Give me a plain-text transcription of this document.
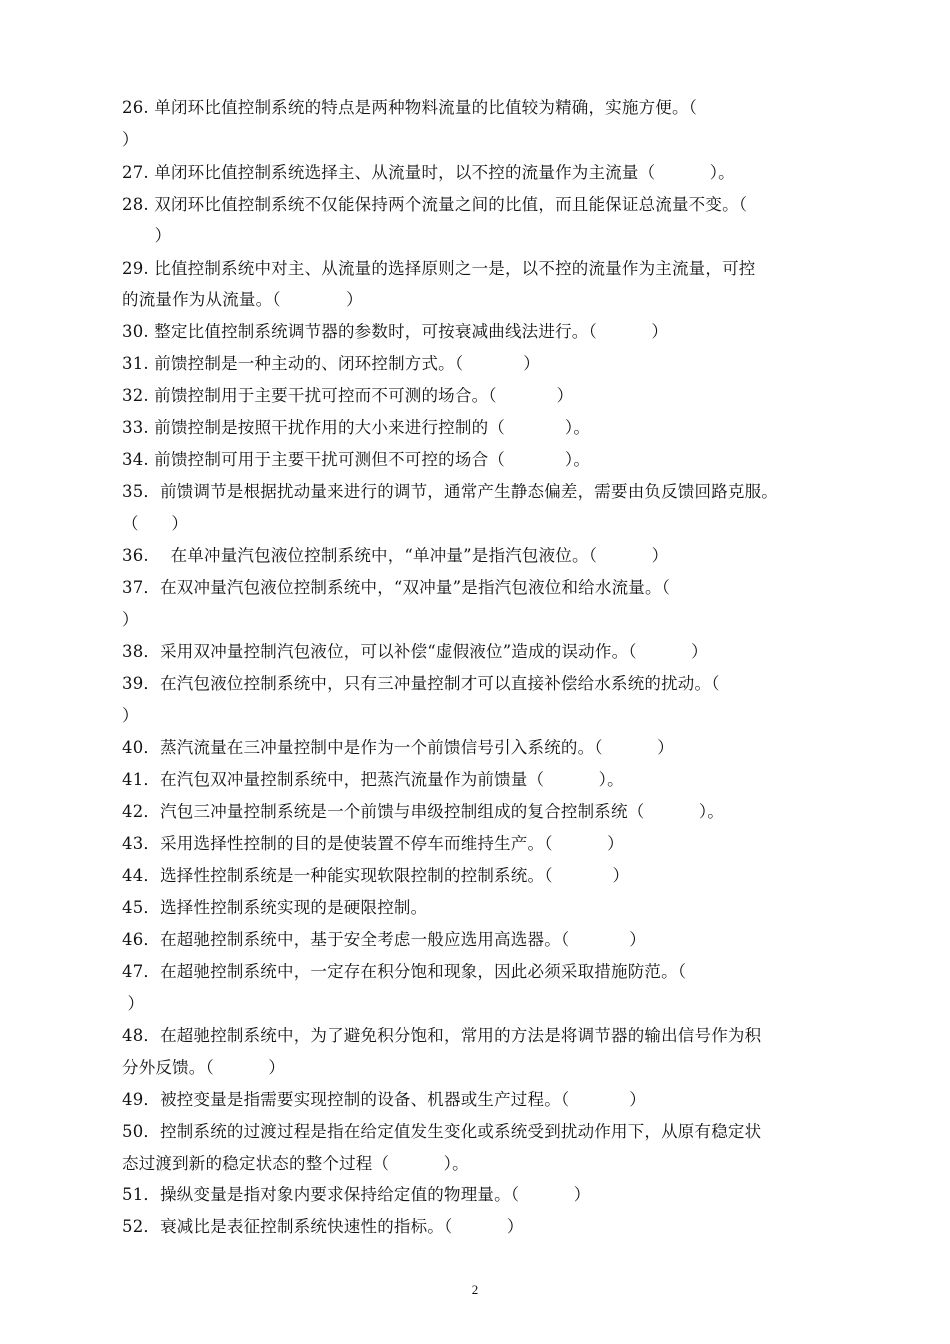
26. 单闭环比值控制系统的特点是两种物料流量的比值较为精确，实施方便。（
）
27. 单闭环比值控制系统选择主、从流量时，以不控的流量作为主流量（          ）。
28. 双闭环比值控制系统不仅能保持两个流量之间的比值，而且能保证总流量不变。（
）
29. 比值控制系统中对主、从流量的选择原则之一是，以不控的流量作为主流量，可控
的流量作为从流量。（            ）
30. 整定比值控制系统调节器的参数时，可按衰减曲线法进行。（          ）
31. 前馈控制是一种主动的、闭环控制方式。（           ）
32. 前馈控制用于主要干扰可控而不可测的场合。（           ）
33. 前馈控制是按照干扰作用的大小来进行控制的（           ）。
34. 前馈控制可用于主要干扰可测但不可控的场合（           ）。
35．前馈调节是根据扰动量来进行的调节，通常产生静态偏差，需要由负反馈回路克服。
（      ）
36.    在单冲量汽包液位控制系统中，“单冲量”是指汽包液位。（          ）
37．在双冲量汽包液位控制系统中，“双冲量”是指汽包液位和给水流量。（
）
38．采用双冲量控制汽包液位，可以补偿“虚假液位”造成的误动作。（          ）
39．在汽包液位控制系统中，只有三冲量控制才可以直接补偿给水系统的扰动。（
）
40．蒸汽流量在三冲量控制中是作为一个前馈信号引入系统的。（          ）
41．在汽包双冲量控制系统中，把蒸汽流量作为前馈量（          ）。
42．汽包三冲量控制系统是一个前馈与串级控制组成的复合控制系统（          ）。
43．采用选择性控制的目的是使装置不停车而维持生产。（          ）
44．选择性控制系统是一种能实现软限控制的控制系统。（           ）
45．选择性控制系统实现的是硬限控制。
46．在超驰控制系统中，基于安全考虑一般应选用高选器。（           ）
47．在超驰控制系统中，一定存在积分饱和现象，因此必须采取措施防范。（
）
48．在超驰控制系统中，为了避免积分饱和，常用的方法是将调节器的输出信号作为积
分外反馈。（          ）
49．被控变量是指需要实现控制的设备、机器或生产过程。（           ）
50．控制系统的过渡过程是指在给定值发生变化或系统受到扰动作用下，从原有稳定状
态过渡到新的稳定状态的整个过程（          ）。
51．操纵变量是指对象内要求保持给定值的物理量。（          ）
52．衰减比是表征控制系统快速性的指标。（          ）
2
